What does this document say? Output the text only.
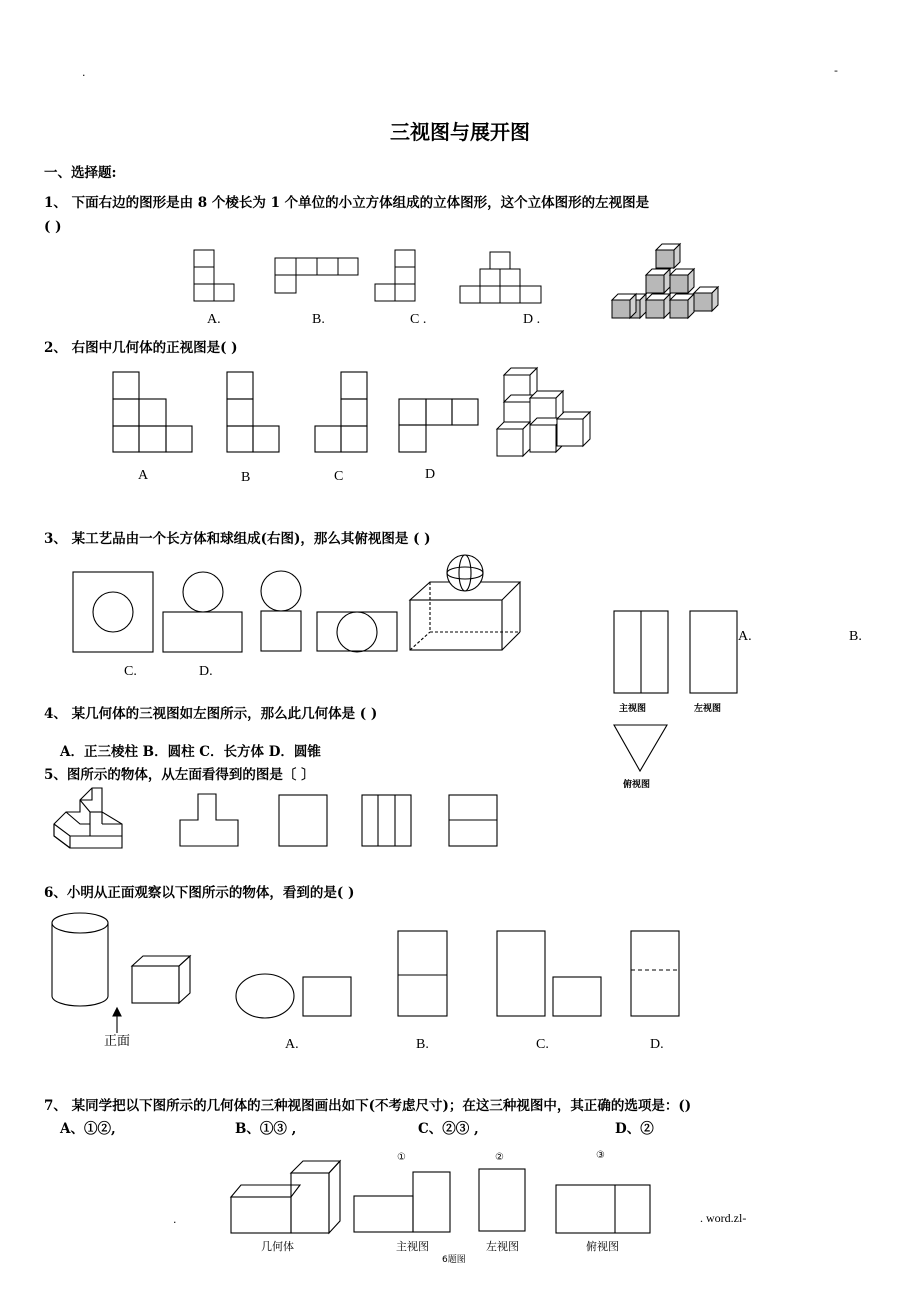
.	-
三视图与展开图
一、选择题:
1、 下面右边的图形是由 8 个棱长为 1 个单位的小立方体组成的立体图形，这个立体图形的左视图是
( )
A.	B.	C .	D .
2、 右图中几何体的正视图是( )
A	B	C	D
3、 某工艺品由一个长方体和球组成(右图)，那么其俯视图是 ( )
C.	D.
4、 某几何体的三视图如左图所示，那么此几何体是 ( )
A．正三棱柱 B．圆柱 C．长方体 D．圆锥
A.	B.
主视图	左视图
俯视图
5、图所示的物体，从左面看得到的图是〔 〕
6、小明从正面观察以下图所示的物体，看到的是( )
正面	A.	B.	C.	D.
7、 某同学把以下图所示的几何体的三种视图画出如下(不考虑尺寸)；在这三种视图中，其正确的选项是：()
A、①②,	B、①③ ,	C、②③ ,	D、②
①	②	③
几何体	主视图	左视图	俯视图
6题图
.	. word.zl-
